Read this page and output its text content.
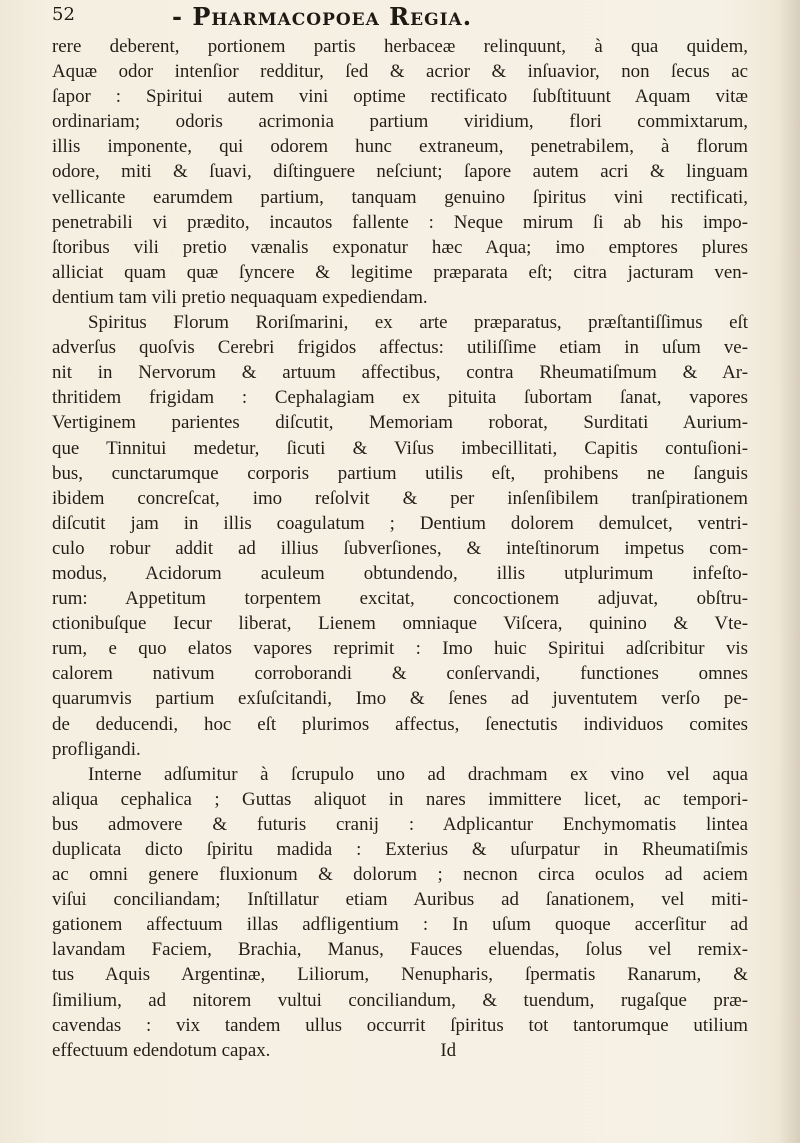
52	- Pharmacopoea Regia.
rere deberent, portionem partis herbaceæ relinquunt, à qua quidem,
Aquæ odor intenſior redditur, ſed & acrior & inſuavior, non ſecus ac
ſapor : Spiritui autem vini optime rectificato ſubſtituunt Aquam vitæ
ordinariam; odoris acrimonia partium viridium, flori commixtarum,
illis imponente, qui odorem hunc extraneum, penetrabilem, à florum
odore, miti & ſuavi, diſtinguere neſciunt; ſapore autem acri & linguam
vellicante earumdem partium, tanquam genuino ſpiritus vini rectificati,
penetrabili vi prædito, incautos fallente : Neque mirum ſi ab his impo-
ſtoribus vili pretio vænalis exponatur hæc Aqua; imo emptores plures
alliciat quam quæ ſyncere & legitime præparata eſt; citra jacturam ven-
dentium tam vili pretio nequaquam expediendam.
Spiritus Florum Roriſmarini, ex arte præparatus, præſtantiſſimus eſt
adverſus quoſvis Cerebri frigidos affectus: utiliſſime etiam in uſum ve-
nit in Nervorum & artuum affectibus, contra Rheumatiſmum & Ar-
thritidem frigidam : Cephalagiam ex pituita ſubortam ſanat, vapores
Vertiginem parientes diſcutit, Memoriam roborat, Surditati Aurium-
que Tinnitui medetur, ſicuti & Viſus imbecillitati, Capitis contuſioni-
bus, cunctarumque corporis partium utilis eſt, prohibens ne ſanguis
ibidem concreſcat, imo reſolvit & per inſenſibilem tranſpirationem
diſcutit jam in illis coagulatum ; Dentium dolorem demulcet, ventri-
culo robur addit ad illius ſubverſiones, & inteſtinorum impetus com-
modus, Acidorum aculeum obtundendo, illis utplurimum infeſto-
rum: Appetitum torpentem excitat, concoctionem adjuvat, obſtru-
ctionibuſque Iecur liberat, Lienem omniaque Viſcera, quinino & Vte-
rum, e quo elatos vapores reprimit : Imo huic Spiritui adſcribitur vis
calorem nativum corroborandi & conſervandi, functiones omnes
quarumvis partium exſuſcitandi, Imo & ſenes ad juventutem verſo pe-
de deducendi, hoc eſt plurimos affectus, ſenectutis individuos comites
profligandi.
Interne adſumitur à ſcrupulo uno ad drachmam ex vino vel aqua
aliqua cephalica ; Guttas aliquot in nares immittere licet, ac tempori-
bus admovere & futuris cranij : Adplicantur Enchymomatis lintea
duplicata dicto ſpiritu madida : Exterius & uſurpatur in Rheumatiſmis
ac omni genere fluxionum & dolorum ; necnon circa oculos ad aciem
viſui conciliandam; Inſtillatur etiam Auribus ad ſanationem, vel miti-
gationem affectuum illas adfligentium : In uſum quoque accerſitur ad
lavandam Faciem, Brachia, Manus, Fauces eluendas, ſolus vel remix-
tus Aquis Argentinæ, Liliorum, Nenupharis, ſpermatis Ranarum, &
ſimilium, ad nitorem vultui conciliandum, & tuendum, rugaſque præ-
cavendas : vix tandem ullus occurrit ſpiritus tot tantorumque utilium
effectuum edendotum capax.                                    Id
